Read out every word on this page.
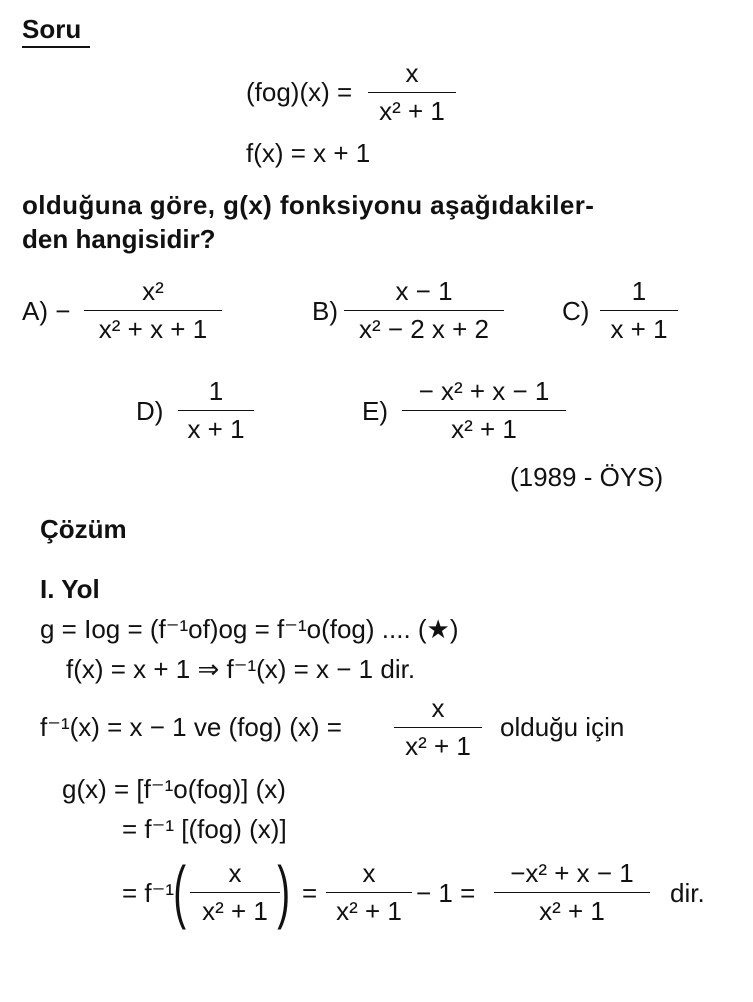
Soru
(fog)(x) =
x
x² + 1
f(x) = x + 1
olduğuna göre, g(x) fonksiyonu aşağıdakiler-
den hangisidir?
A) −
x²
x² + x + 1
B)
x − 1
x² − 2 x + 2
C)
1
x + 1
D)
1
x + 1
E)
− x² + x − 1
x² + 1
(1989 - ÖYS)
Çözüm
I. Yol
g = Iog = (f⁻¹of)og = f⁻¹o(fog) .... (★)
f(x) = x + 1 ⇒ f⁻¹(x) = x − 1 dir.
f⁻¹(x) = x − 1 ve (fog) (x) =
x
x² + 1
olduğu için
g(x) = [f⁻¹o(fog)] (x)
= f⁻¹ [(fog) (x)]
= f⁻¹ (	x
x² + 1 ) =
x
x² + 1
− 1 =
−x² + x − 1
x² + 1
dir.
